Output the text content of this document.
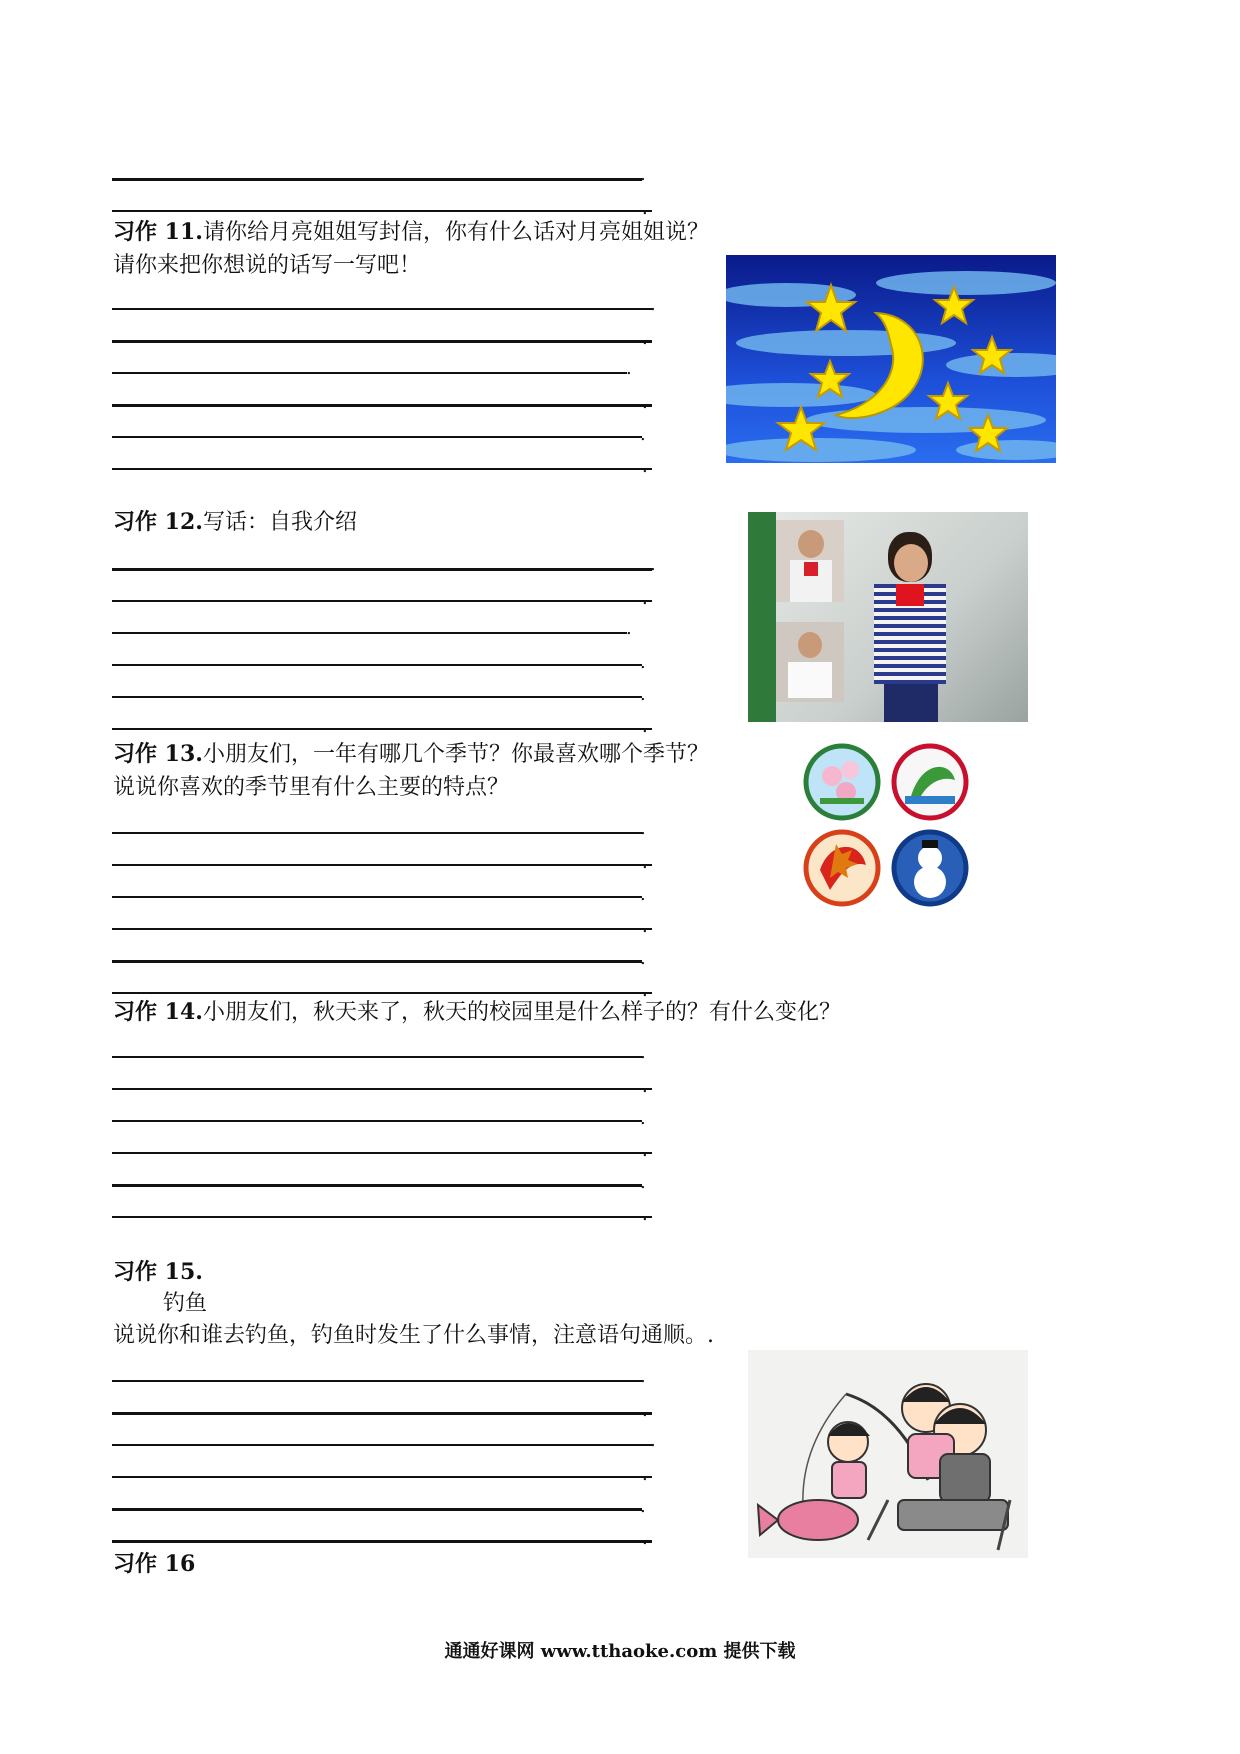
.
.
习作 11.请你给月亮姐姐写封信，你有什么话对月亮姐姐说？
请你来把你想说的话写一写吧！
.
.
.
.
.
.
习作 12.写话：自我介绍
.
.
.
.
.
.
习作 13.小朋友们，一年有哪几个季节？你最喜欢哪个季节？
说说你喜欢的季节里有什么主要的特点？
.
.
.
.
.
.
习作 14.小朋友们，秋天来了，秋天的校园里是什么样子的？有什么变化？
.
.
.
.
.
.
习作 15.
钓鱼
说说你和谁去钓鱼，钓鱼时发生了什么事情，注意语句通顺。.
.
.
.
.
.
.
习作 16
通通好课网 www.tthaoke.com 提供下载
